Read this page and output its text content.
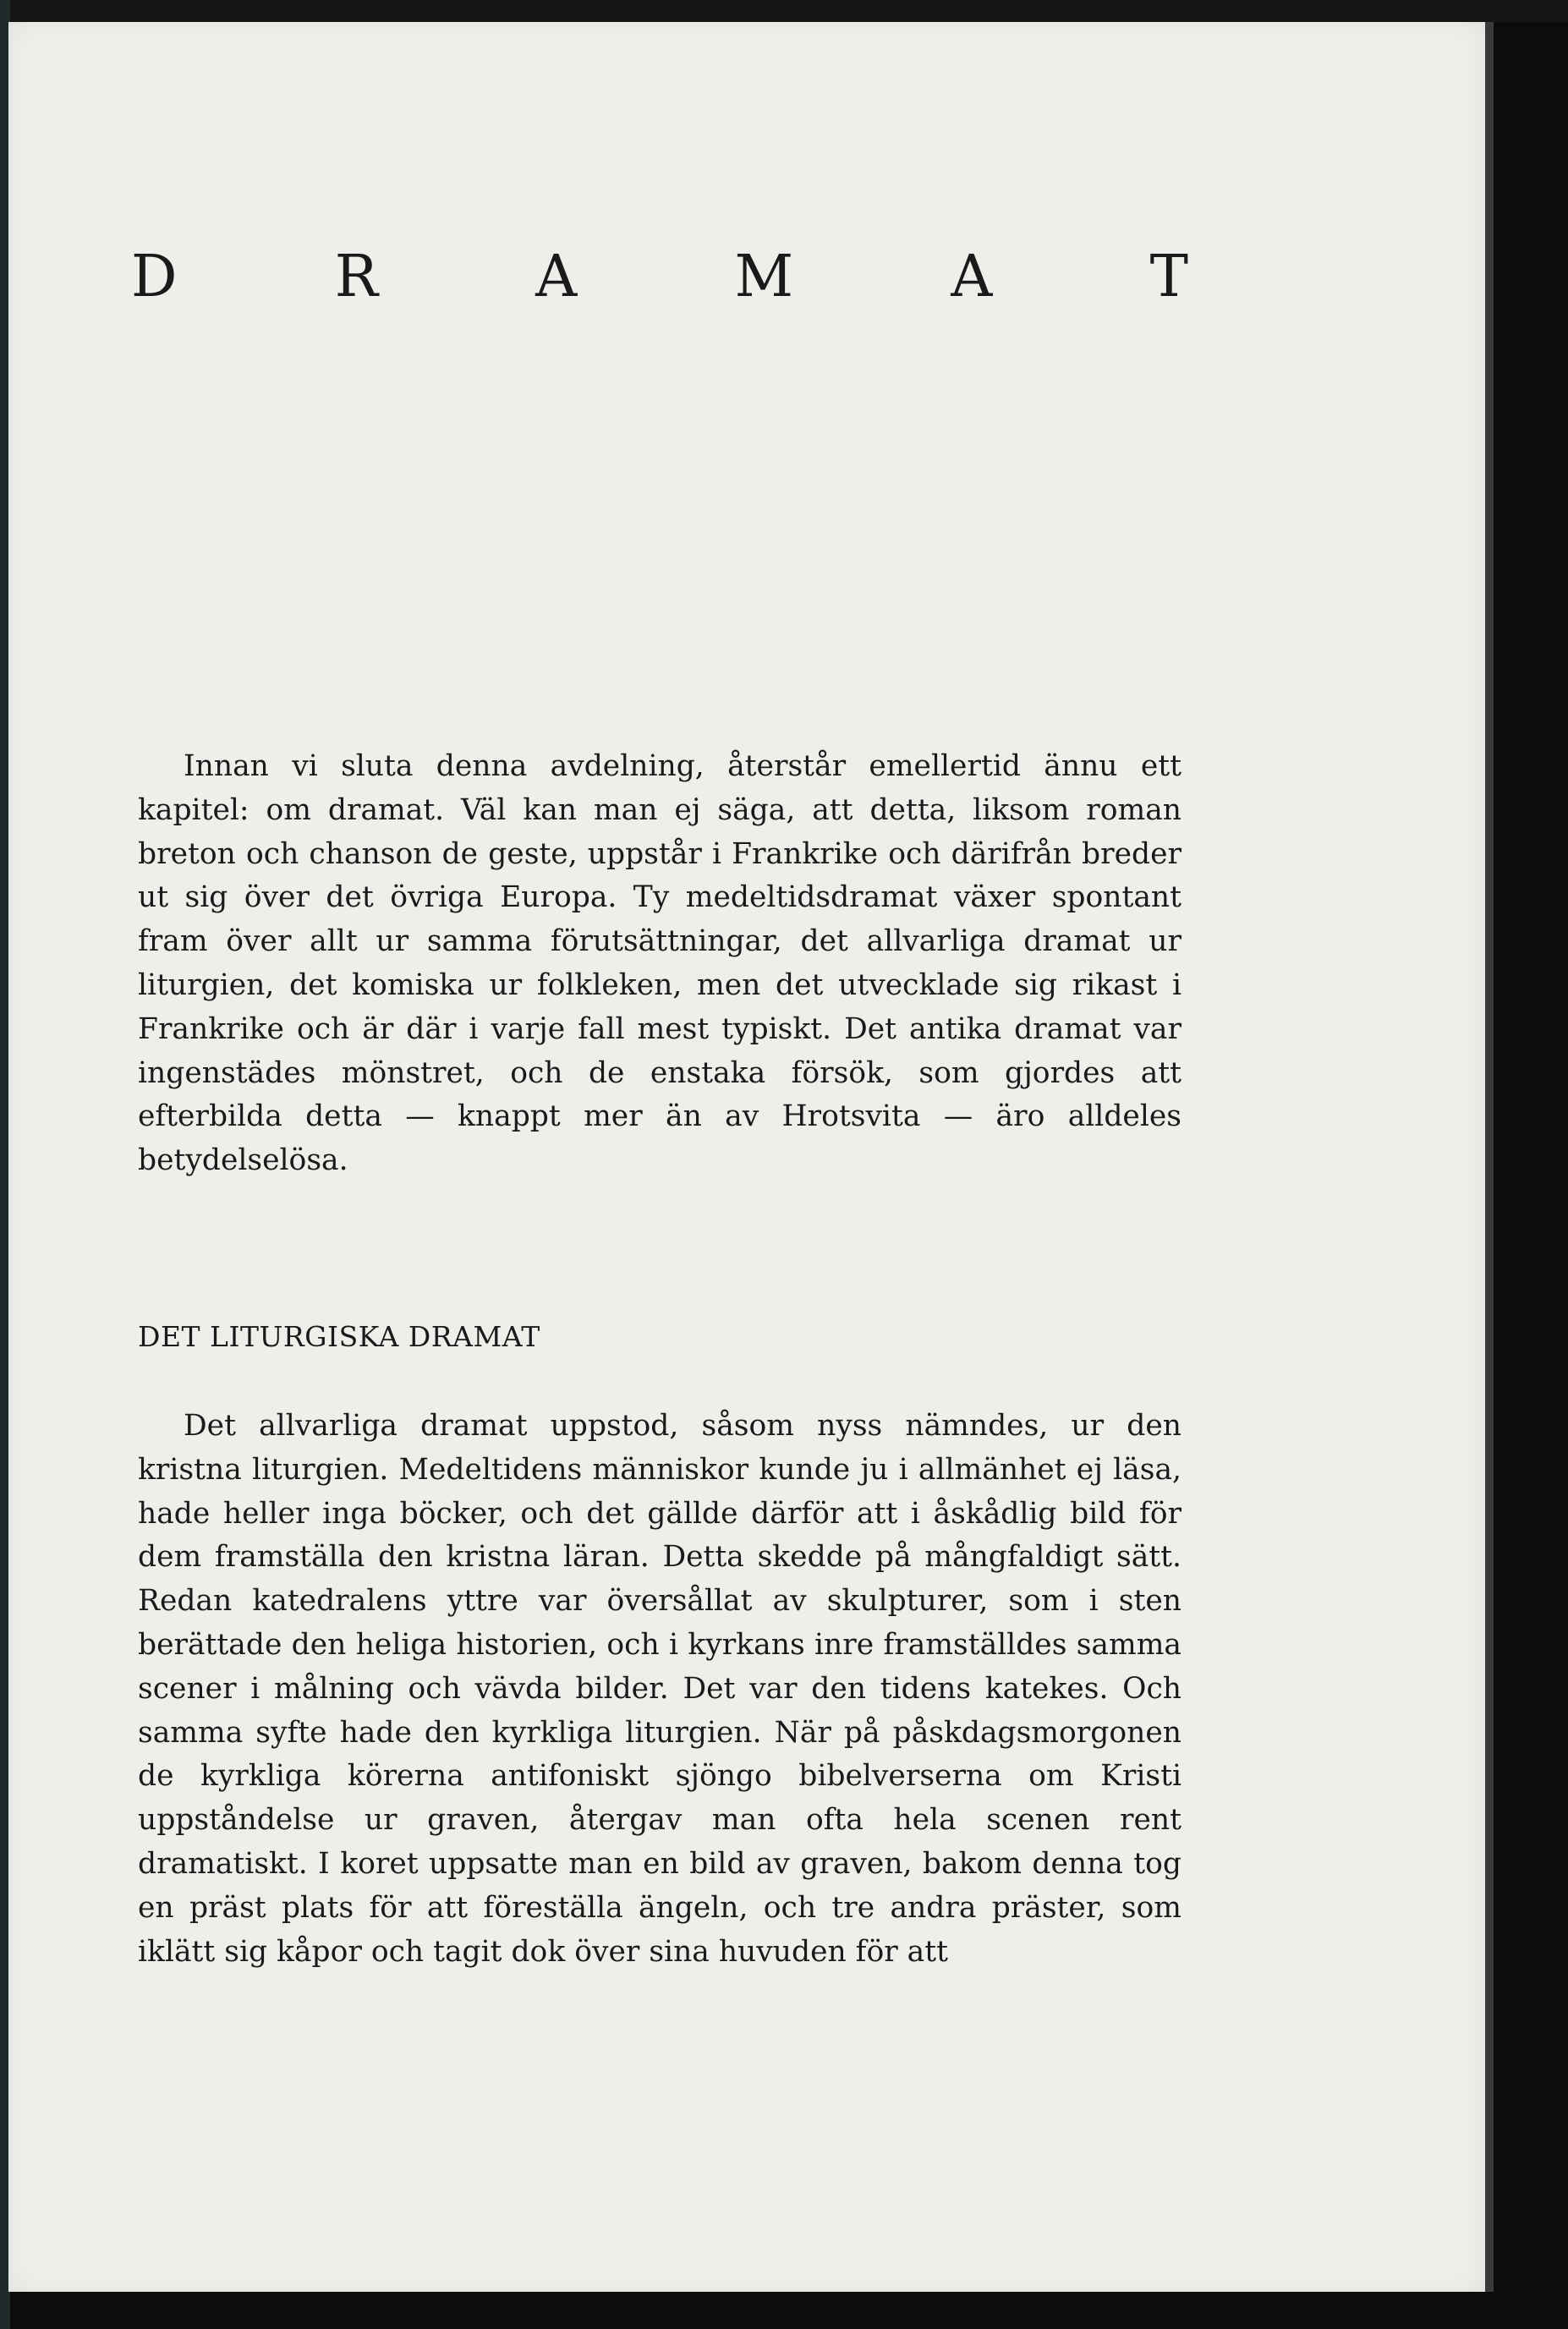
D	R	A	M	A	T

Innan vi sluta denna avdelning, återstår emellertid ännu ett kapitel: om dramat. Väl kan man ej säga, att detta, liksom roman breton och chanson de geste, uppstår i Frankrike och därifrån breder ut sig över det övriga Europa. Ty medeltidsdramat växer spontant fram över allt ur samma förutsättningar, det allvarliga dramat ur liturgien, det komiska ur folkleken, men det utvecklade sig rikast i Frankrike och är där i varje fall mest typiskt. Det antika dramat var ingenstädes mönstret, och de enstaka försök, som gjordes att efterbilda detta — knappt mer än av Hrotsvita — äro alldeles betydelselösa.

DET LITURGISKA DRAMAT

Det allvarliga dramat uppstod, såsom nyss nämndes, ur den kristna liturgien. Medeltidens människor kunde ju i allmänhet ej läsa, hade heller inga böcker, och det gällde därför att i åskådlig bild för dem framställa den kristna läran. Detta skedde på mångfaldigt sätt. Redan katedralens yttre var översållat av skulpturer, som i sten berättade den heliga historien, och i kyrkans inre framställdes samma scener i målning och vävda bilder. Det var den tidens katekes. Och samma syfte hade den kyrkliga liturgien. När på påskdagsmorgonen de kyrkliga körerna antifoniskt sjöngo bibelverserna om Kristi uppståndelse ur graven, återgav man ofta hela scenen rent dramatiskt. I koret uppsatte man en bild av graven, bakom denna tog en präst plats för att föreställa ängeln, och tre andra präster, som iklätt sig kåpor och tagit dok över sina huvuden för att
